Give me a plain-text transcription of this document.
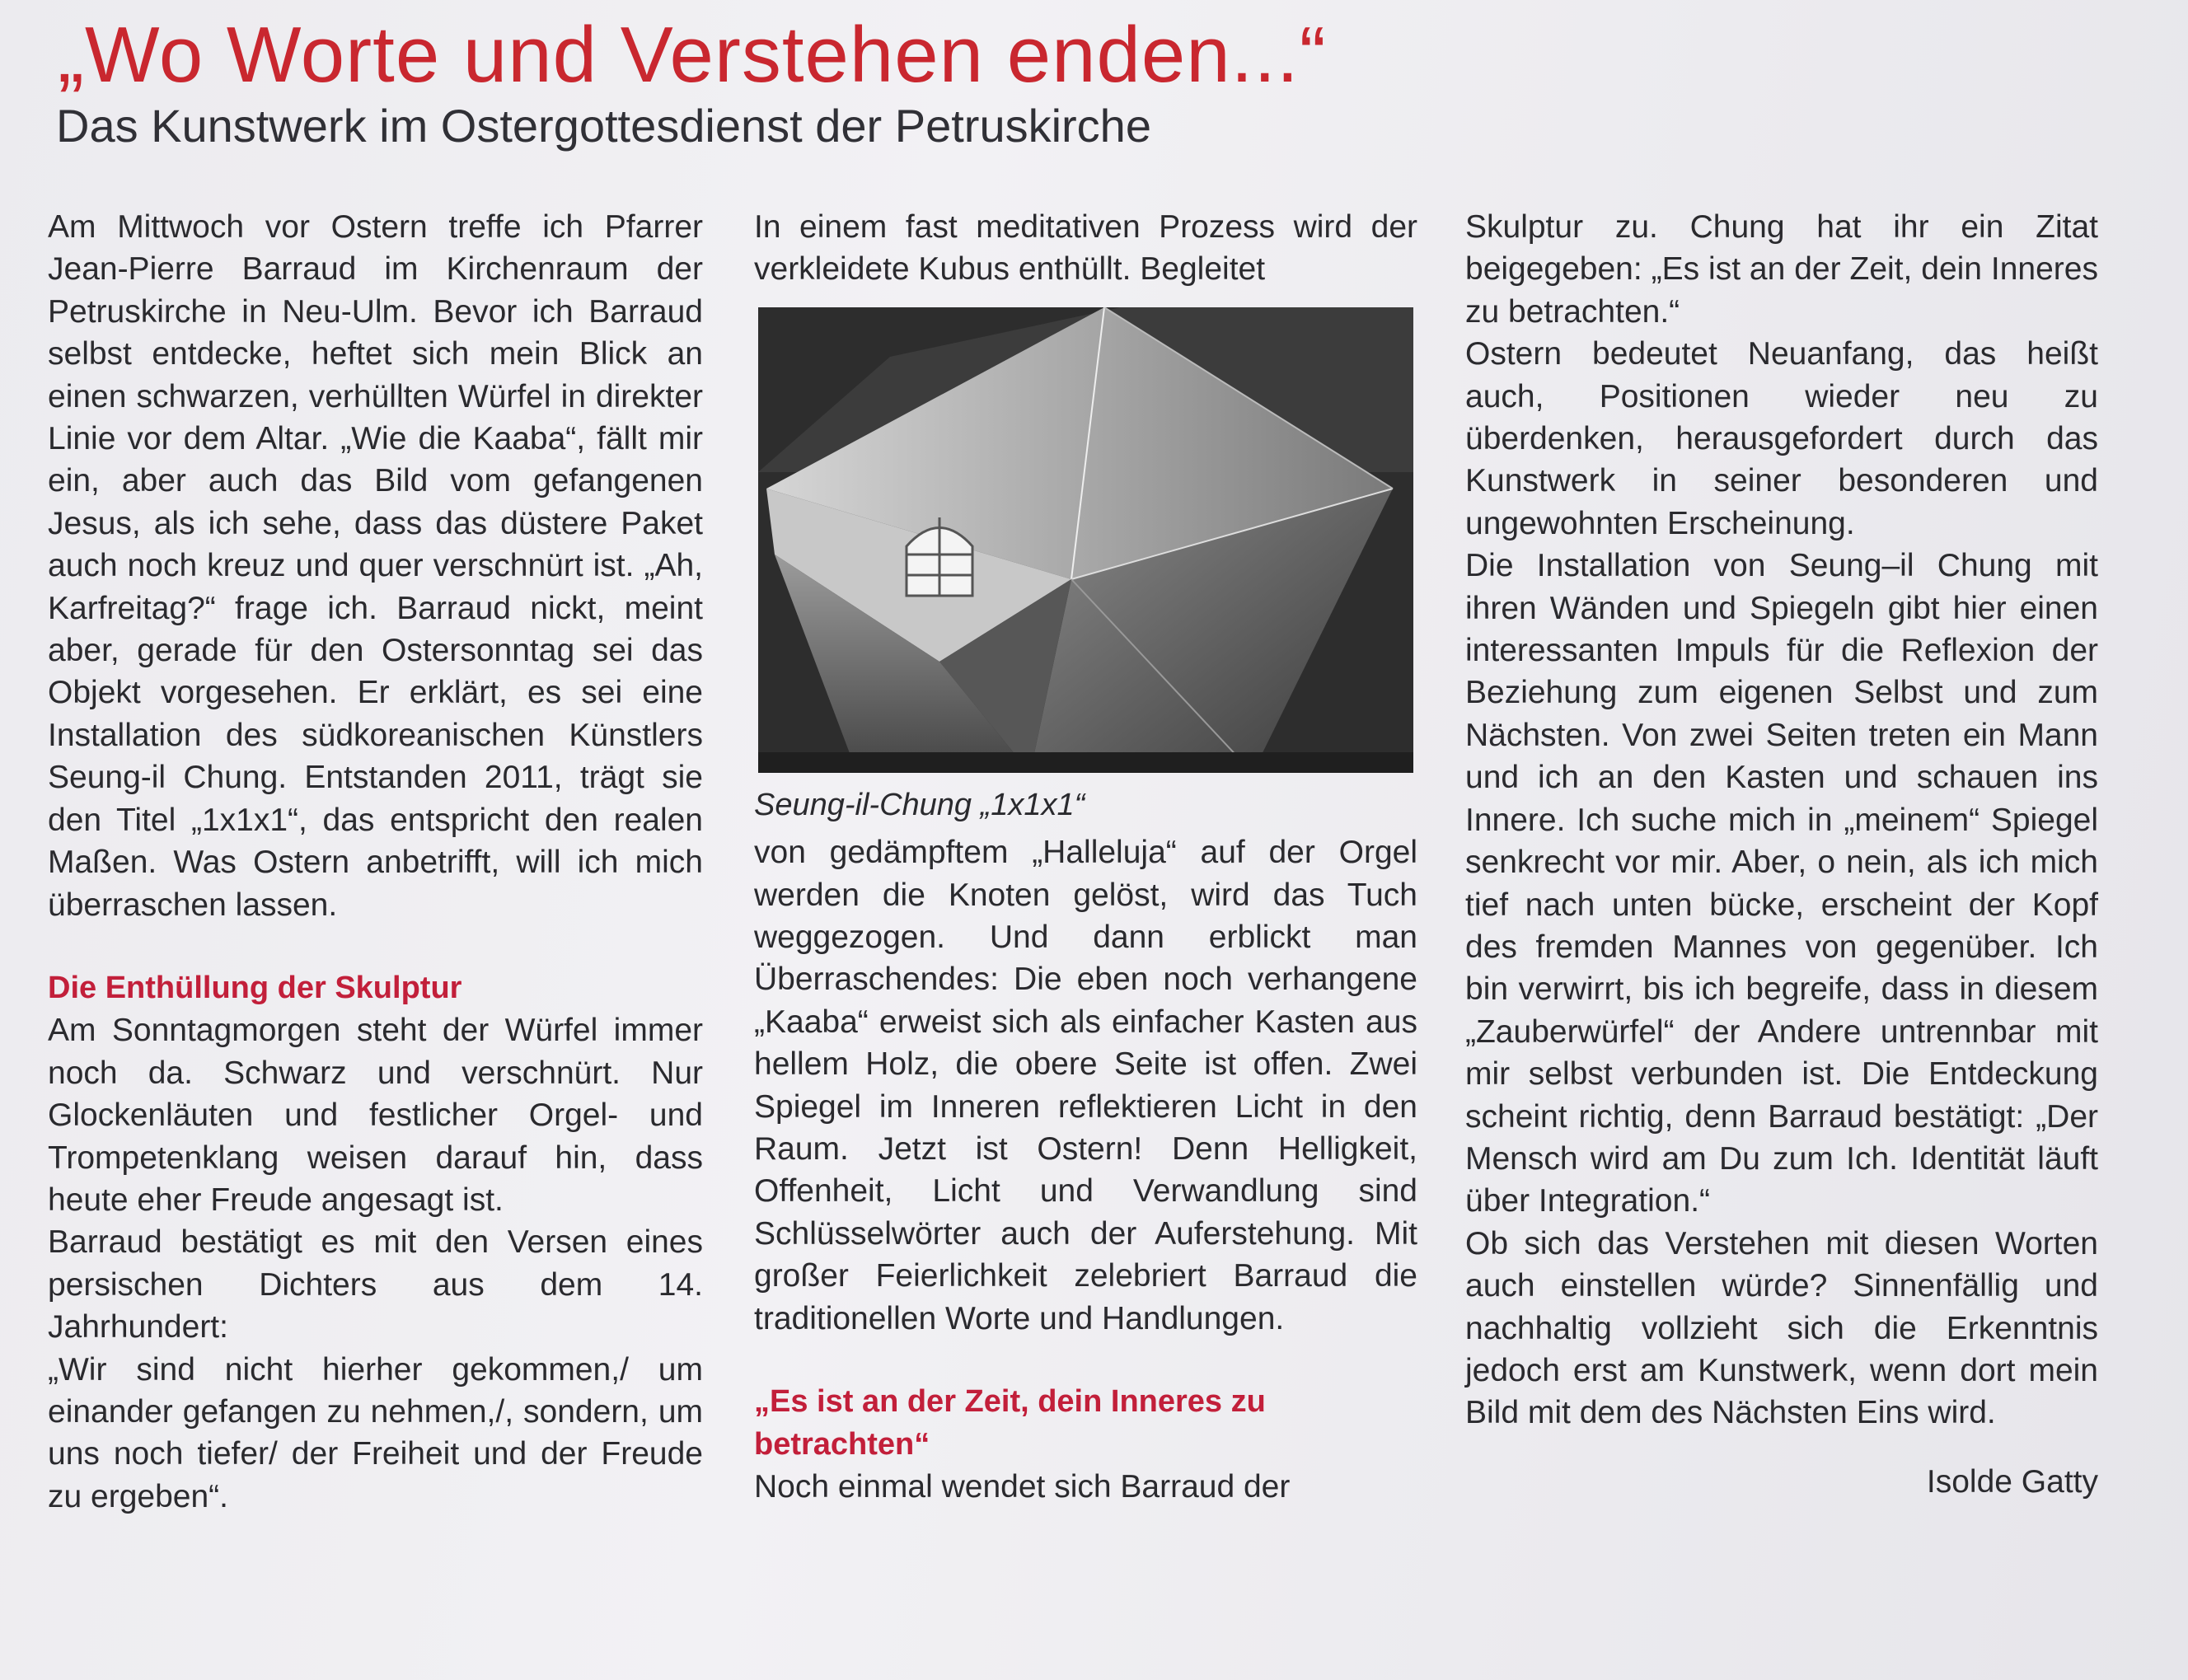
„Wo Worte und Verstehen enden...“
Das Kunstwerk im Ostergottesdienst der Petruskirche

Am Mittwoch vor Ostern treffe ich Pfarrer Jean-Pierre Barraud im Kirchenraum der Petruskirche in Neu-Ulm. Bevor ich Barraud selbst entdecke, heftet sich mein Blick an einen schwarzen, verhüllten Würfel in direkter Linie vor dem Altar. „Wie die Kaaba“, fällt mir ein, aber auch das Bild vom gefangenen Jesus, als ich sehe, dass das düstere Paket auch noch kreuz und quer verschnürt ist. „Ah, Karfreitag?“ frage ich. Barraud nickt, meint aber, gerade für den Ostersonntag sei das Objekt vorgesehen. Er erklärt, es sei eine Installation des südkoreanischen Künstlers Seung-il Chung. Entstanden 2011, trägt sie den Titel „1x1x1“, das entspricht den realen Maßen. Was Ostern anbetrifft, will ich mich überraschen lassen.

Die Enthüllung der Skulptur

Am Sonntagmorgen steht der Würfel immer noch da. Schwarz und verschnürt. Nur Glockenläuten und festlicher Orgel- und Trompetenklang weisen darauf hin, dass heute eher Freude angesagt ist.

Barraud bestätigt es mit den Versen eines persischen Dichters aus dem 14. Jahrhundert:

„Wir sind nicht hierher gekommen,/ um einander gefangen zu nehmen,/, sondern, um uns noch tiefer/ der Freiheit und der Freude zu ergeben“.

In einem fast meditativen Prozess wird der verkleidete Kubus enthüllt. Begleitet

Seung-il-Chung „1x1x1“

von gedämpftem „Halleluja“ auf der Orgel werden die Knoten gelöst, wird das Tuch weggezogen. Und dann erblickt man Überraschendes: Die eben noch verhangene „Kaaba“ erweist sich als einfacher Kasten aus hellem Holz, die obere Seite ist offen. Zwei Spiegel im Inneren reflektieren Licht in den Raum. Jetzt ist Ostern! Denn Helligkeit, Offenheit, Licht und Verwandlung sind Schlüsselwörter auch der Auferstehung. Mit großer Feierlichkeit zelebriert Barraud die traditionellen Worte und Handlungen.

„Es ist an der Zeit, dein Inneres zu betrachten“

Noch einmal wendet sich Barraud der

Skulptur zu. Chung hat ihr ein Zitat beigegeben: „Es ist an der Zeit, dein Inneres zu betrachten.“

Ostern bedeutet Neuanfang, das heißt auch, Positionen wieder neu zu überdenken, herausgefordert durch das Kunstwerk in seiner besonderen und ungewohnten Erscheinung.

Die Installation von Seung–il Chung mit ihren Wänden und Spiegeln gibt hier einen interessanten Impuls für die Reflexion der Beziehung zum eigenen Selbst und zum Nächsten. Von zwei Seiten treten ein Mann und ich an den Kasten und schauen ins Innere. Ich suche mich in „meinem“ Spiegel senkrecht vor mir. Aber, o nein, als ich mich tief nach unten bücke, erscheint der Kopf des fremden Mannes von gegenüber. Ich bin verwirrt, bis ich begreife, dass in diesem „Zauberwürfel“ der Andere untrennbar mit mir selbst verbunden ist. Die Entdeckung scheint richtig, denn Barraud bestätigt: „Der Mensch wird am Du zum Ich. Identität läuft über Integration.“

Ob sich das Verstehen mit diesen Worten auch einstellen würde? Sinnenfällig und nachhaltig vollzieht sich die Erkenntnis jedoch erst am Kunstwerk, wenn dort mein Bild mit dem des Nächsten Eins wird.

Isolde Gatty
